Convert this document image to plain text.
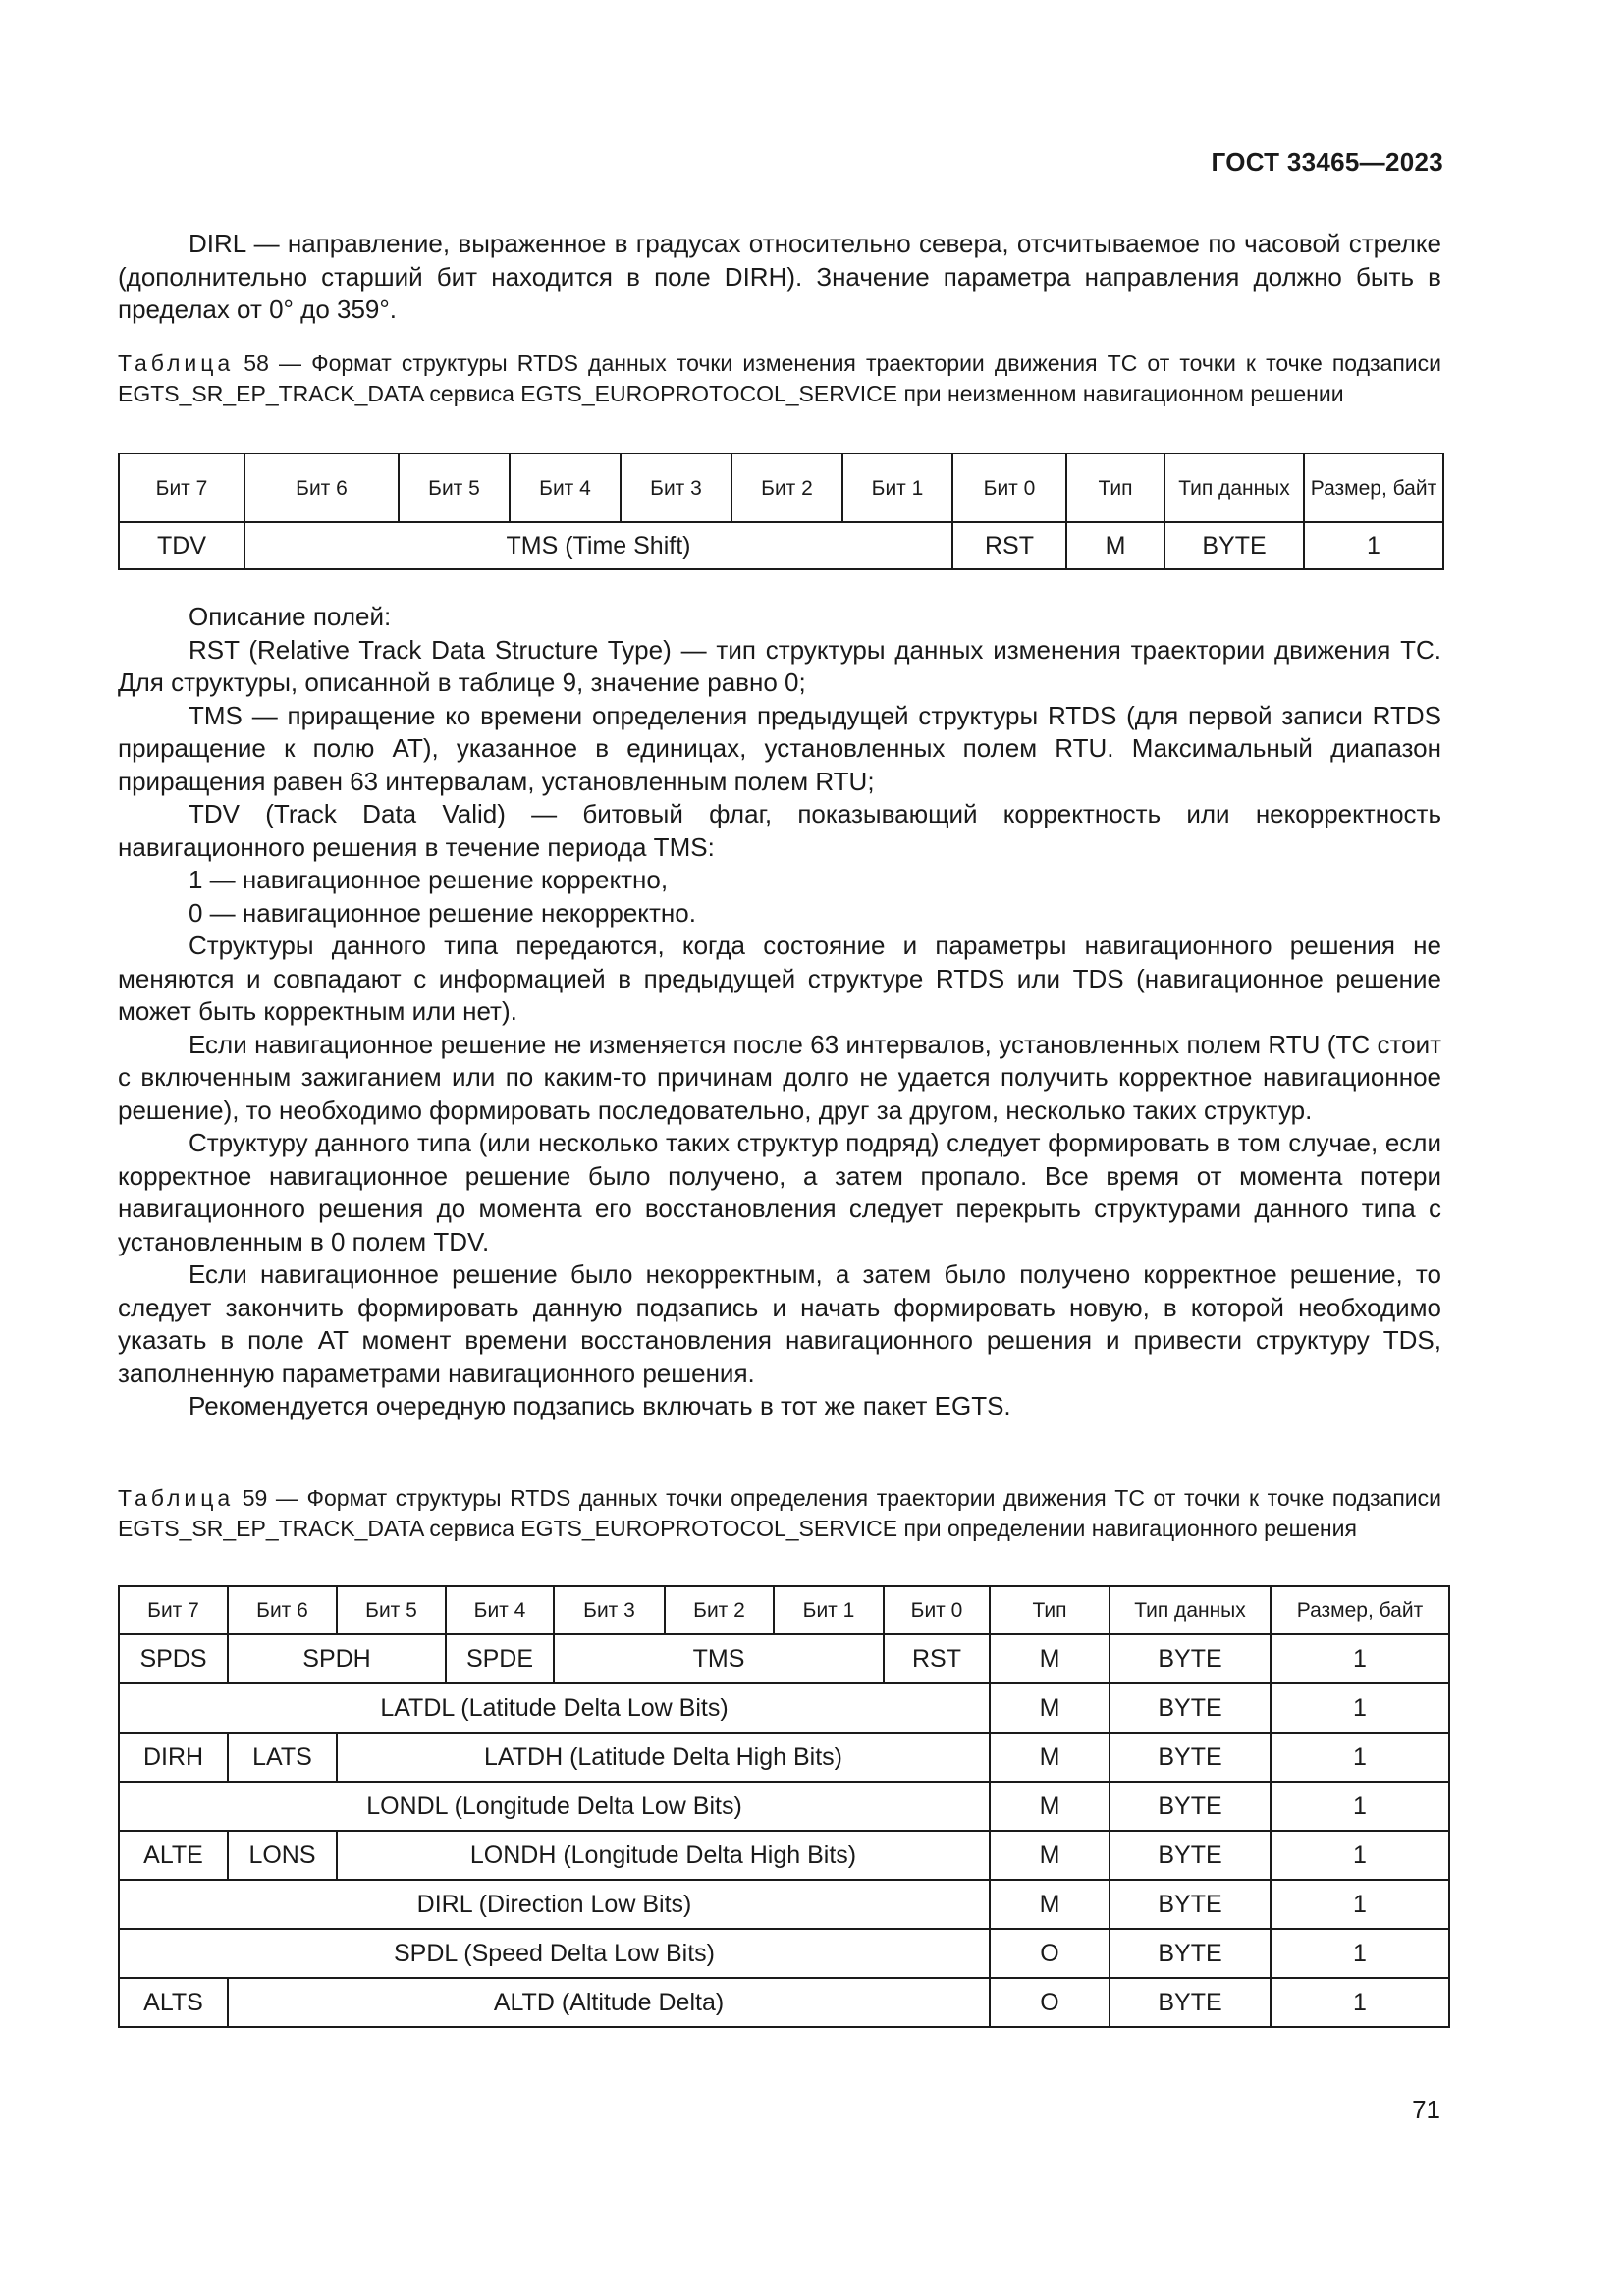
ГОСТ 33465—2023

DIRL — направление, выраженное в градусах относительно севера, отсчитываемое по часовой стрелке (дополнительно старший бит находится в поле DIRH). Значение параметра направления должно быть в пределах от 0° до 359°.

Таблица 58 — Формат структуры RTDS данных точки изменения траектории движения ТС от точки к точке подзаписи EGTS_SR_EP_TRACK_DATA сервиса EGTS_EUROPROTOCOL_SERVICE при неизменном навигационном решении
Бит 7	Бит 6	Бит 5	Бит 4	Бит 3	Бит 2	Бит 1	Бит 0	Тип	Тип данных	Размер, байт
TDV	TMS (Time Shift)						RST	M	BYTE	1

Описание полей:

RST (Relative Track Data Structure Type) — тип структуры данных изменения траектории движения ТС. Для структуры, описанной в таблице 9, значение равно 0;

TMS — приращение ко времени определения предыдущей структуры RTDS (для первой записи RTDS приращение к полю AT), указанное в единицах, установленных полем RTU. Максимальный диапазон приращения равен 63 интервалам, установленным полем RTU;

TDV (Track Data Valid) — битовый флаг, показывающий корректность или некорректность навигационного решения в течение периода TMS:

1 — навигационное решение корректно,

0 — навигационное решение некорректно.

Структуры данного типа передаются, когда состояние и параметры навигационного решения не меняются и совпадают с информацией в предыдущей структуре RTDS или TDS (навигационное решение может быть корректным или нет).

Если навигационное решение не изменяется после 63 интервалов, установленных полем RTU (ТС стоит с включенным зажиганием или по каким-то причинам долго не удается получить корректное навигационное решение), то необходимо формировать последовательно, друг за другом, несколько таких структур.

Структуру данного типа (или несколько таких структур подряд) следует формировать в том случае, если корректное навигационное решение было получено, а затем пропало. Все время от момента потери навигационного решения до момента его восстановления следует перекрыть структурами данного типа с установленным в 0 полем TDV.

Если навигационное решение было некорректным, а затем было получено корректное решение, то следует закончить формировать данную подзапись и начать формировать новую, в которой необходимо указать в поле AT момент времени восстановления навигационного решения и привести структуру TDS, заполненную параметрами навигационного решения.

Рекомендуется очередную подзапись включать в тот же пакет EGTS.

Таблица 59 — Формат структуры RTDS данных точки определения траектории движения ТС от точки к точке подзаписи EGTS_SR_EP_TRACK_DATA сервиса EGTS_EUROPROTOCOL_SERVICE при определении навигационного решения
Бит 7	Бит 6	Бит 5	Бит 4	Бит 3	Бит 2	Бит 1	Бит 0	Тип	Тип данных	Размер, байт
SPDS	SPDH		SPDE	TMS			RST	M	BYTE	1
LATDL (Latitude Delta Low Bits)								M	BYTE	1
DIRH	LATS	LATDH (Latitude Delta High Bits)						M	BYTE	1
LONDL (Longitude Delta Low Bits)								M	BYTE	1
ALTE	LONS	LONDH (Longitude Delta High Bits)						M	BYTE	1
DIRL (Direction Low Bits)								M	BYTE	1
SPDL (Speed Delta Low Bits)								O	BYTE	1
ALTS	ALTD (Altitude Delta)							O	BYTE	1
71
